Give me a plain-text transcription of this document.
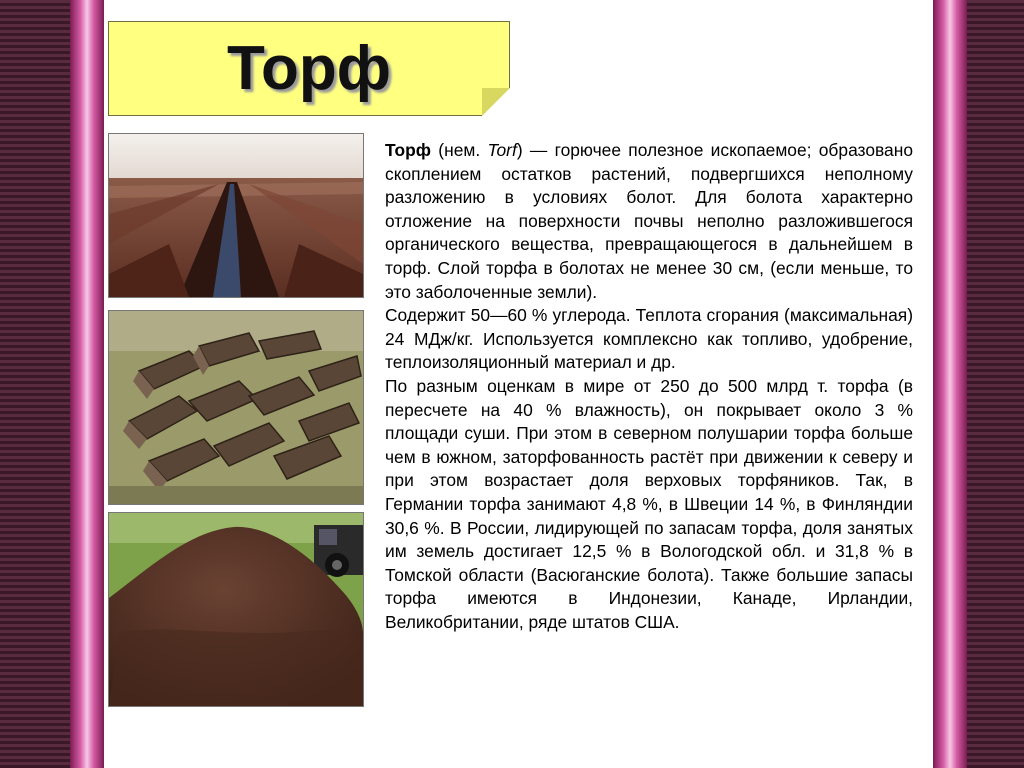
Торф

Торф (нем. Torf) — горючее полезное ископаемое; образовано скоплением остатков растений, подвергшихся неполному разложению в условиях болот. Для болота характерно отложение на поверхности почвы неполно разложившегося органического вещества, превращающегося в дальнейшем в торф. Слой торфа в болотах не менее 30 см, (если меньше, то это заболоченные земли).

Содержит 50—60 % углерода. Теплота сгорания (максимальная) 24 МДж/кг. Используется комплексно как топливо, удобрение, теплоизоляционный материал и др.

По разным оценкам в мире от 250 до 500 млрд т. торфа (в пересчете на 40 % влажность), он покрывает около 3 % площади суши. При этом в северном полушарии торфа больше чем в южном, заторфованность растёт при движении к северу и при этом возрастает доля верховых торфяников. Так, в Германии торфа занимают 4,8 %, в Швеции 14 %, в Финляндии 30,6 %. В России, лидирующей по запасам торфа, доля занятых им земель достигает 12,5 % в Вологодской обл. и 31,8 % в Томской области (Васюганские болота). Также большие запасы торфа имеются в Индонезии, Канаде, Ирландии, Великобритании, ряде штатов США.
